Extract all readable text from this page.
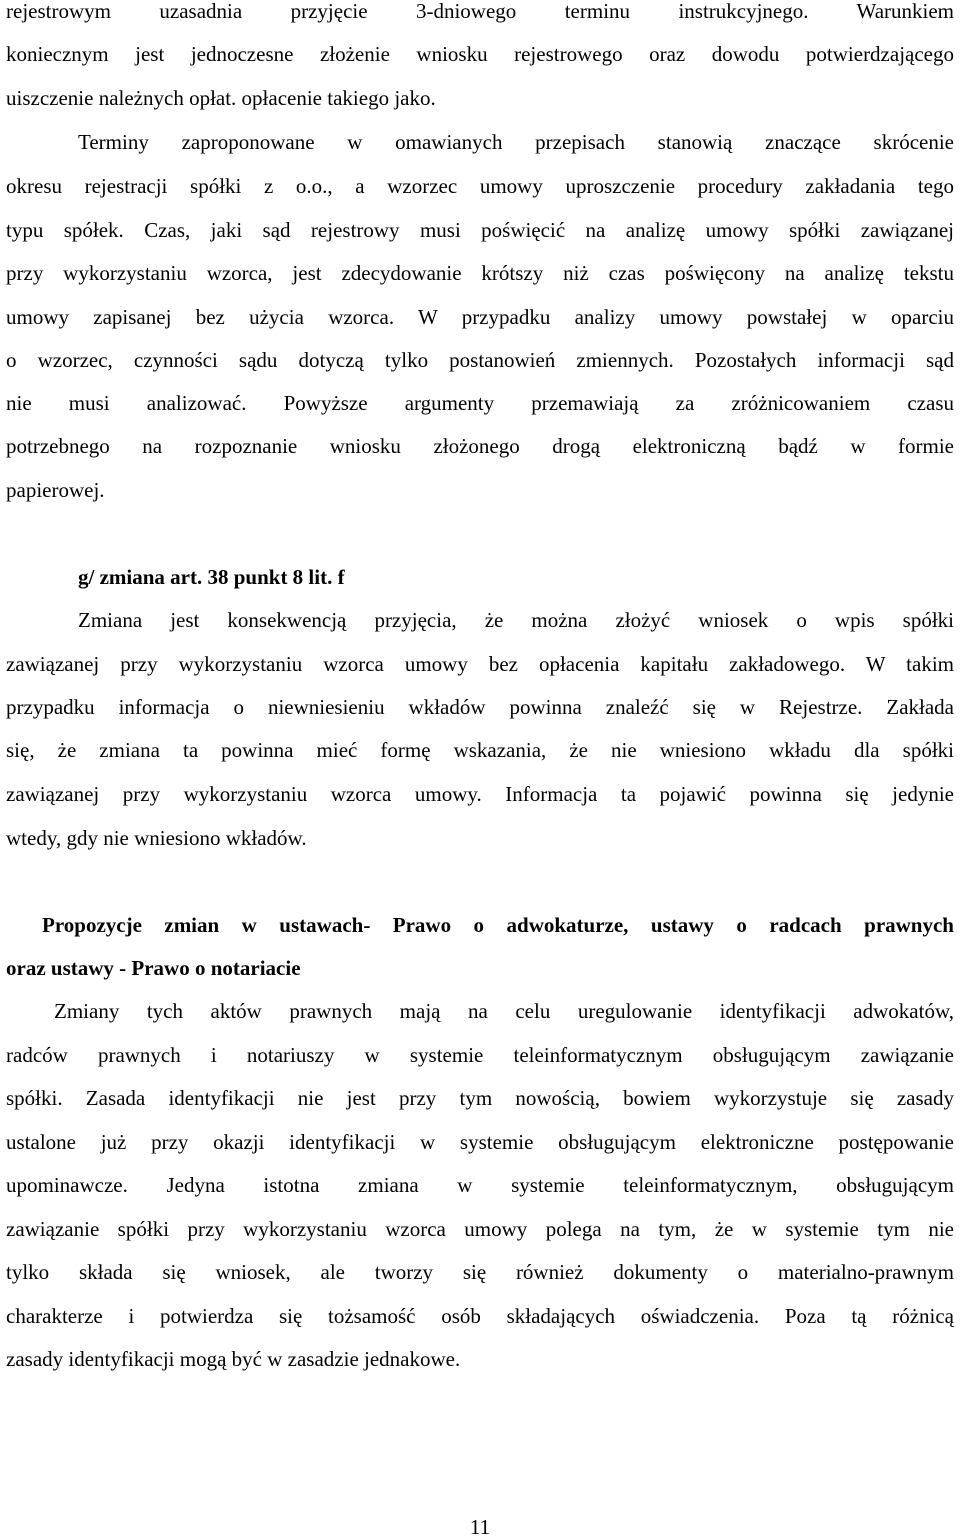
rejestrowym uzasadnia przyjęcie 3-dniowego terminu instrukcyjnego. Warunkiem
koniecznym jest jednoczesne złożenie wniosku rejestrowego oraz dowodu potwierdzającego
uiszczenie należnych opłat. opłacenie takiego jako.
Terminy zaproponowane w omawianych przepisach stanowią znaczące skrócenie
okresu rejestracji spółki z o.o., a wzorzec umowy uproszczenie procedury zakładania tego
typu spółek. Czas, jaki sąd rejestrowy musi poświęcić na analizę umowy spółki zawiązanej
przy wykorzystaniu wzorca, jest zdecydowanie krótszy niż czas poświęcony na analizę tekstu
umowy zapisanej bez użycia wzorca. W przypadku analizy umowy powstałej w oparciu
o wzorzec, czynności sądu dotyczą tylko postanowień zmiennych. Pozostałych informacji sąd
nie musi analizować. Powyższe argumenty przemawiają za zróżnicowaniem czasu
potrzebnego na rozpoznanie wniosku złożonego drogą elektroniczną bądź w formie
papierowej.
g/ zmiana art. 38 punkt 8 lit. f
Zmiana jest konsekwencją przyjęcia, że można złożyć wniosek o wpis spółki
zawiązanej przy wykorzystaniu wzorca umowy bez opłacenia kapitału zakładowego. W takim
przypadku informacja o niewniesieniu wkładów powinna znaleźć się w Rejestrze. Zakłada
się, że zmiana ta powinna mieć formę wskazania, że nie wniesiono wkładu dla spółki
zawiązanej przy wykorzystaniu wzorca umowy. Informacja ta pojawić powinna się jedynie
wtedy, gdy nie wniesiono wkładów.
Propozycje zmian w ustawach- Prawo o adwokaturze, ustawy o radcach prawnych
oraz ustawy - Prawo o notariacie
Zmiany tych aktów prawnych mają na celu uregulowanie identyfikacji adwokatów,
radców prawnych i notariuszy w systemie teleinformatycznym obsługującym zawiązanie
spółki. Zasada identyfikacji nie jest przy tym nowością, bowiem wykorzystuje się zasady
ustalone już przy okazji identyfikacji w systemie obsługującym elektroniczne postępowanie
upominawcze. Jedyna istotna zmiana w systemie teleinformatycznym, obsługującym
zawiązanie spółki przy wykorzystaniu wzorca umowy polega na tym, że w systemie tym nie
tylko składa się wniosek, ale tworzy się również dokumenty o materialno-prawnym
charakterze i potwierdza się tożsamość osób składających oświadczenia. Poza tą różnicą
zasady identyfikacji mogą być w zasadzie jednakowe.
11
